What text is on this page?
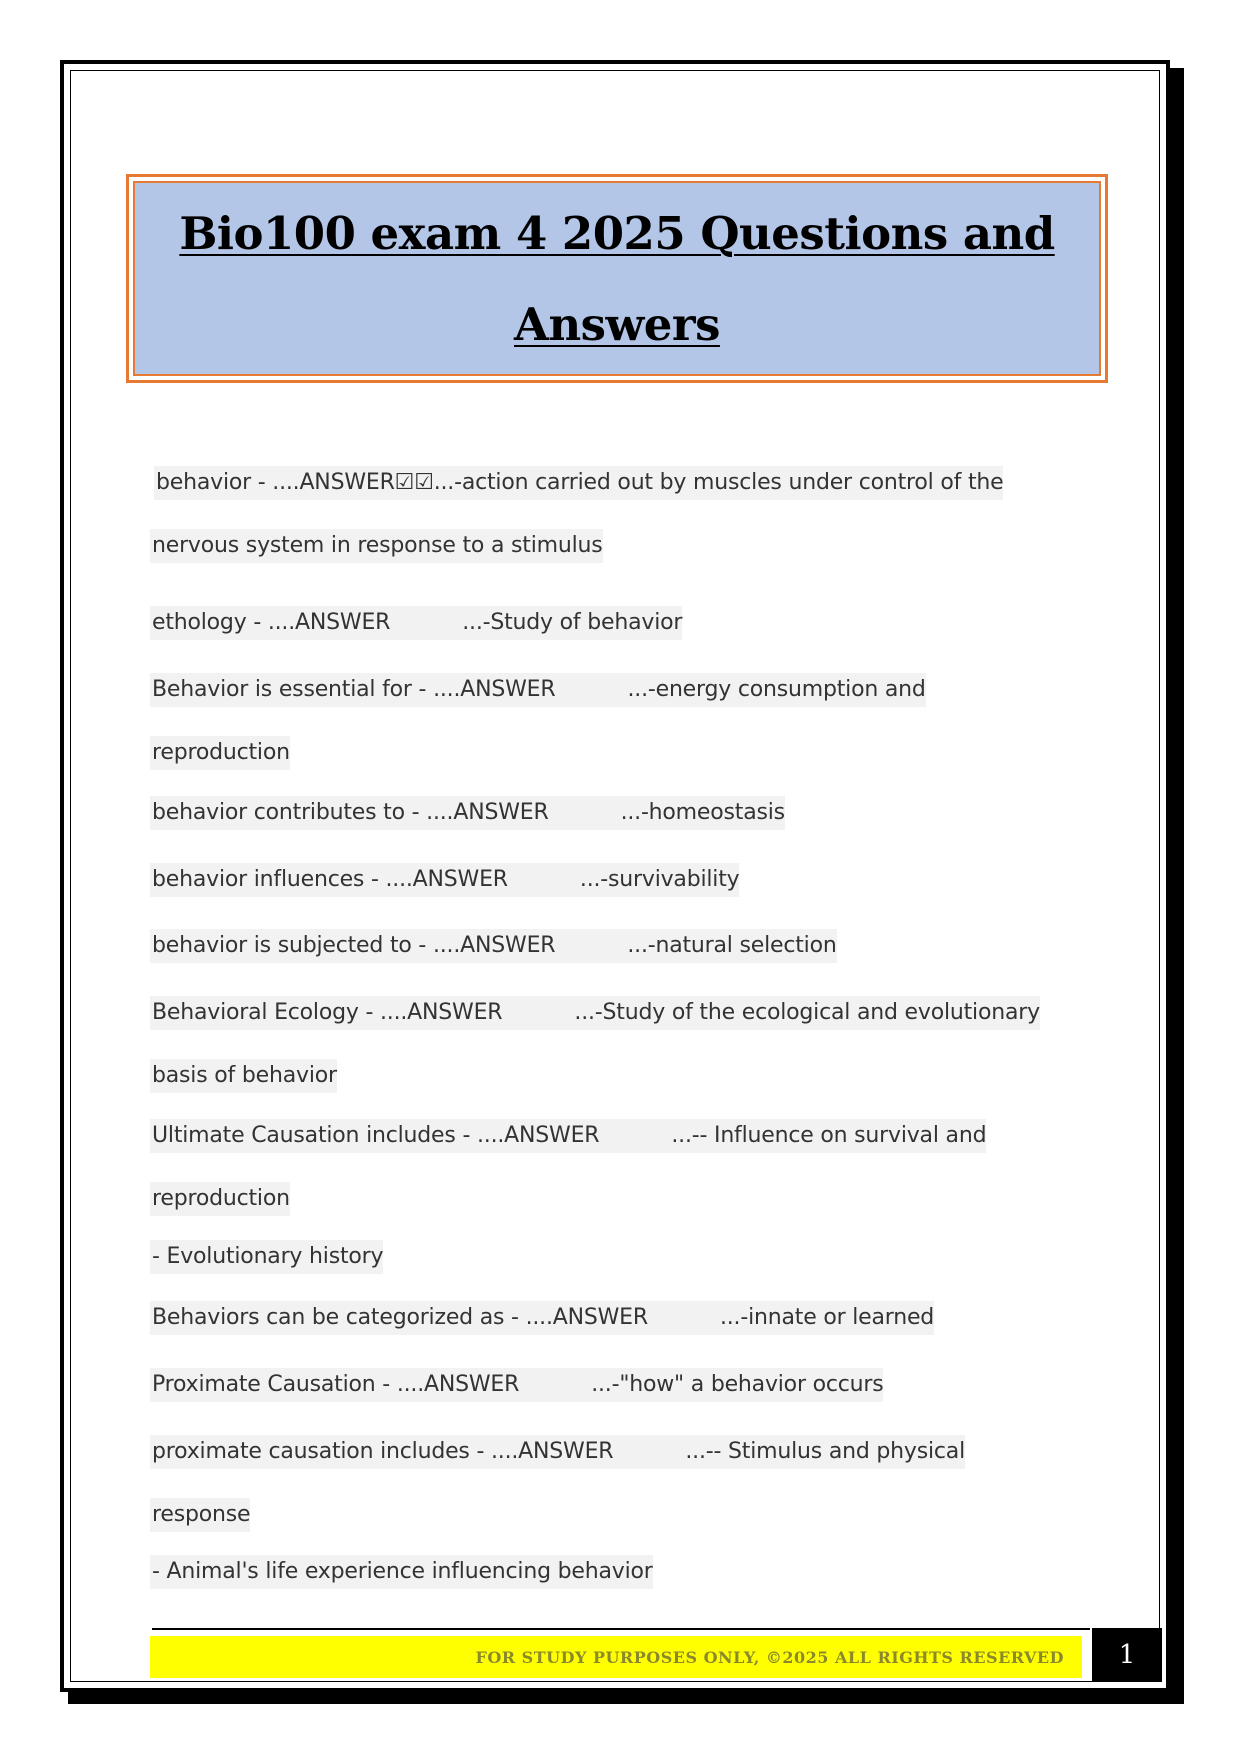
Bio100 exam 4 2025 Questions and
Answers
behavior - ....ANSWER☑☑...-action carried out by muscles under control of the
nervous system in response to a stimulus
ethology - ....ANSWER	...-Study of behavior
Behavior is essential for - ....ANSWER	...-energy consumption and
reproduction
behavior contributes to - ....ANSWER	...-homeostasis
behavior influences - ....ANSWER	...-survivability
behavior is subjected to - ....ANSWER	...-natural selection
Behavioral Ecology - ....ANSWER	...-Study of the ecological and evolutionary
basis of behavior
Ultimate Causation includes - ....ANSWER	...-- Influence on survival and
reproduction
- Evolutionary history
Behaviors can be categorized as - ....ANSWER	...-innate or learned
Proximate Causation - ....ANSWER	...-"how" a behavior occurs
proximate causation includes - ....ANSWER	...-- Stimulus and physical
response
- Animal's life experience influencing behavior
FOR STUDY PURPOSES ONLY, ©2025 ALL RIGHTS RESERVED	1
